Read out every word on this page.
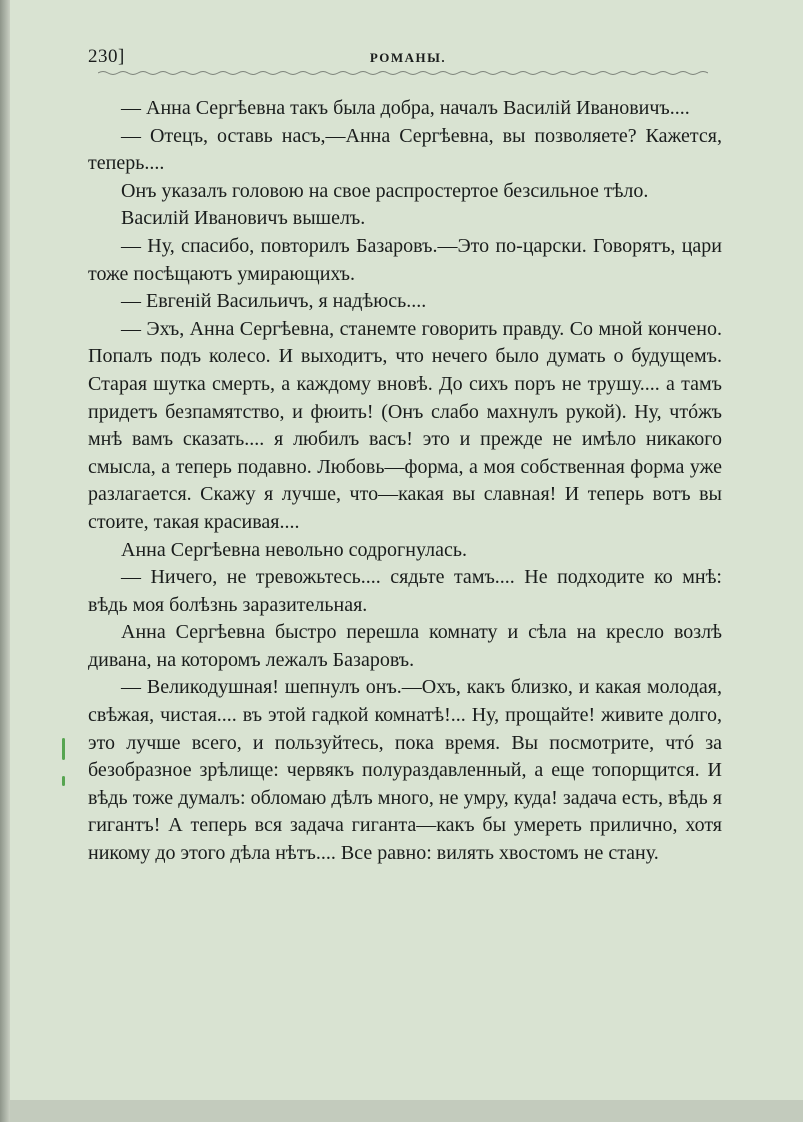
230]	РОМАНЫ.

— Анна Сергѣевна такъ была добра, началъ Василій Ивановичъ....

— Отецъ, оставь насъ,—Анна Сергѣевна, вы позволяете? Кажется, теперь....

Онъ указалъ головою на свое распростертое безсильное тѣло.

Василій Ивановичъ вышелъ.

— Ну, спасибо, повторилъ Базаровъ.—Это по-царски. Говорятъ, цари тоже посѣщаютъ умирающихъ.

— Евгеній Васильичъ, я надѣюсь....

— Эхъ, Анна Сергѣевна, станемте говорить правду. Со мной кончено. Попалъ подъ колесо. И выходитъ, что нечего было думать о будущемъ. Старая шутка смерть, а каждому вновѣ. До сихъ поръ не трушу.... а тамъ придетъ безпамятство, и фюить! (Онъ слабо махнулъ рукой). Ну, чтóжъ мнѣ вамъ сказать.... я любилъ васъ! это и прежде не имѣло никакого смысла, а теперь подавно. Любовь—форма, а моя собственная форма уже разлагается. Скажу я лучше, что—какая вы славная! И теперь вотъ вы стоите, такая красивая....

Анна Сергѣевна невольно содрогнулась.

— Ничего, не тревожьтесь.... сядьте тамъ.... Не подходите ко мнѣ: вѣдь моя болѣзнь заразительная.

Анна Сергѣевна быстро перешла комнату и сѣла на кресло возлѣ дивана, на которомъ лежалъ Базаровъ.

— Великодушная! шепнулъ онъ.—Охъ, какъ близко, и какая молодая, свѣжая, чистая.... въ этой гадкой комнатѣ!... Ну, прощайте! живите долго, это лучше всего, и пользуйтесь, пока время. Вы посмотрите, чтó за безобразное зрѣлище: червякъ полураздавленный, а еще топорщится. И вѣдь тоже думалъ: обломаю дѣлъ много, не умру, куда! задача есть, вѣдь я гигантъ! А теперь вся задача гиганта—какъ бы умереть прилично, хотя никому до этого дѣла нѣтъ.... Все равно: вилять хвостомъ не стану.
